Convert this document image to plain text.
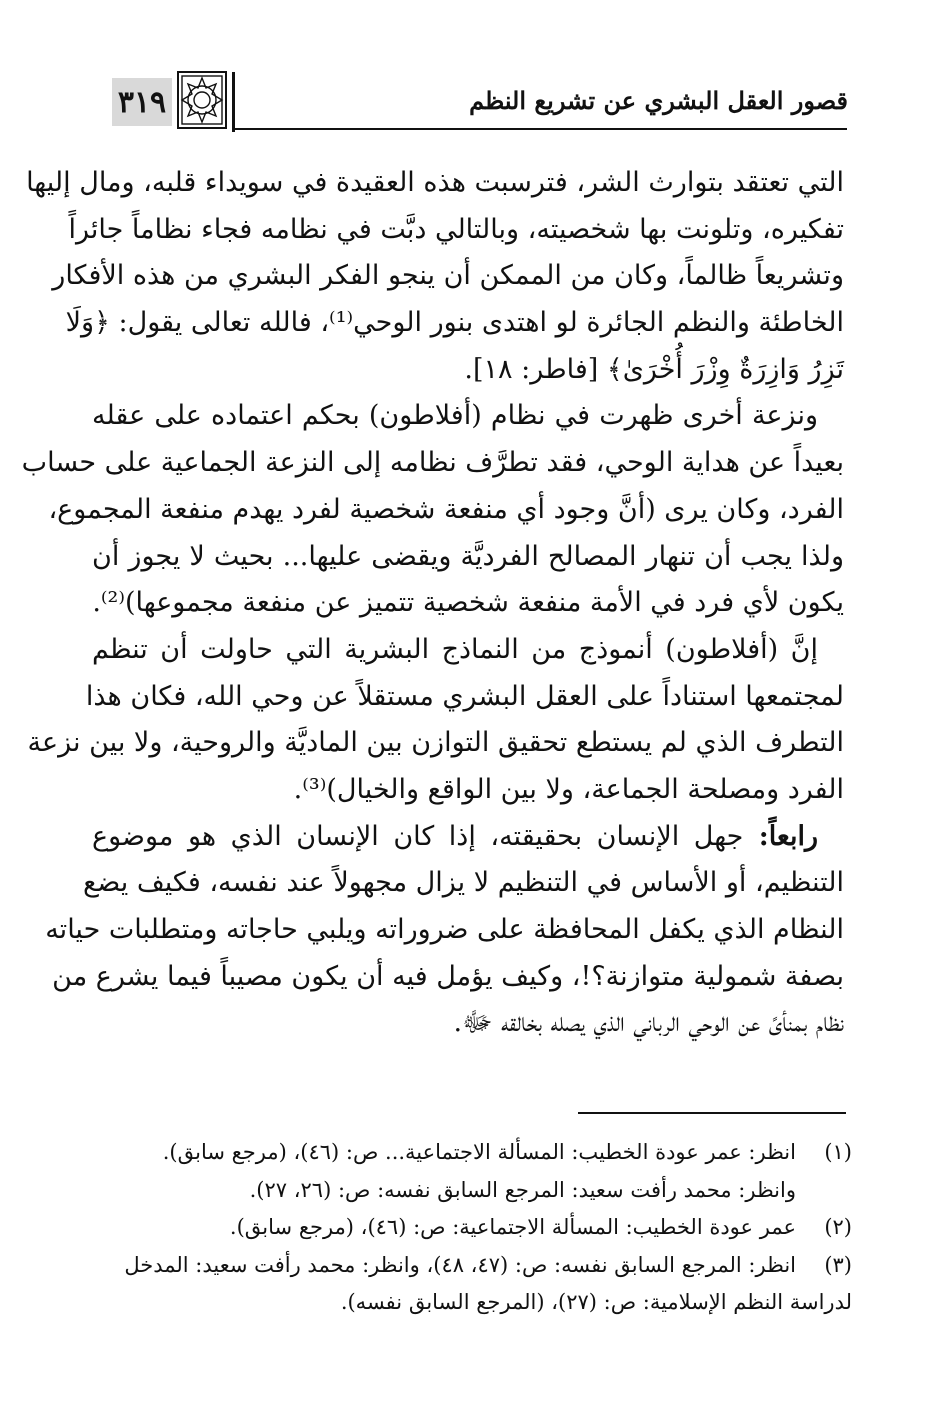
٣١٩	قصور العقل البشري عن تشريع النظم
التي تعتقد بتوارث الشر، فترسبت هذه العقيدة في سويداء قلبه، ومال إليها
تفكيره، وتلونت بها شخصيته، وبالتالي دبَّت في نظامه فجاء نظاماً جائراً
وتشريعاً ظالماً، وكان من الممكن أن ينجو الفكر البشري من هذه الأفكار
الخاطئة والنظم الجائرة لو اهتدى بنور الوحي⁽¹⁾، فالله تعالى يقول: ﴿وَلَا
تَزِرُ وَازِرَةٌ وِزْرَ أُخْرَىٰ﴾ [فاطر: ١٨].
ونزعة أخرى ظهرت في نظام (أفلاطون) بحكم اعتماده على عقله
بعيداً عن هداية الوحي، فقد تطرَّف نظامه إلى النزعة الجماعية على حساب
الفرد، وكان يرى (أنَّ وجود أي منفعة شخصية لفرد يهدم منفعة المجموع،
ولذا يجب أن تنهار المصالح الفرديَّة ويقضى عليها... بحيث لا يجوز أن
يكون لأي فرد في الأمة منفعة شخصية تتميز عن منفعة مجموعها)⁽²⁾.
إنَّ (أفلاطون) أنموذج من النماذج البشرية التي حاولت أن تنظم
لمجتمعها استناداً على العقل البشري مستقلاً عن وحي الله، فكان هذا
التطرف الذي لم يستطع تحقيق التوازن بين الماديَّة والروحية، ولا بين نزعة
الفرد ومصلحة الجماعة، ولا بين الواقع والخيال)⁽³⁾.
رابعاً: جهل الإنسان بحقيقته، إذا كان الإنسان الذي هو موضوع
التنظيم، أو الأساس في التنظيم لا يزال مجهولاً عند نفسه، فكيف يضع
النظام الذي يكفل المحافظة على ضروراته ويلبي حاجاته ومتطلبات حياته
بصفة شمولية متوازنة؟!، وكيف يؤمل فيه أن يكون مصيباً فيما يشرع من
نظام بمنأىً عن الوحي الرباني الذي يصله بخالقه ﷻ.
(١)انظر: عمر عودة الخطيب: المسألة الاجتماعية... ص: (٤٦)، (مرجع سابق).
وانظر: محمد رأفت سعيد: المرجع السابق نفسه: ص: (٢٦، ٢٧).
(٢)عمر عودة الخطيب: المسألة الاجتماعية: ص: (٤٦)، (مرجع سابق).
(٣)انظر: المرجع السابق نفسه: ص: (٤٧، ٤٨)، وانظر: محمد رأفت سعيد: المدخل
لدراسة النظم الإسلامية: ص: (٢٧)، (المرجع السابق نفسه).
